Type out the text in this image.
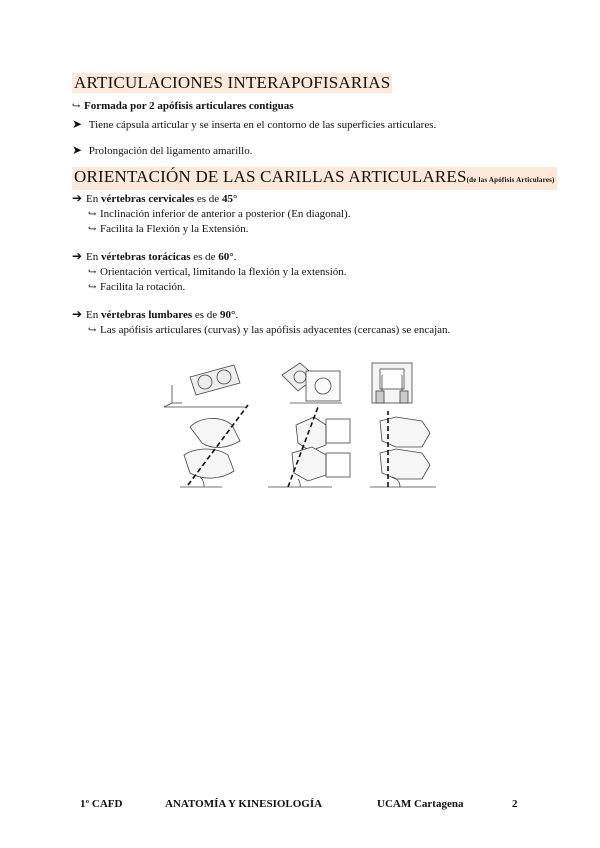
ARTICULACIONES INTERAPOFISARIAS
↪ Formada por 2 apófisis articulares contiguas
➤ Tiene cápsula articular y se inserta en el contorno de las superficies articulares.
➤ Prolongación del ligamento amarillo.
ORIENTACIÓN DE LAS CARILLAS ARTICULARES(de las Apófisis Articulares)
➔ En vértebras cervicales es de 45°
↪ Inclinación inferior de anterior a posterior (En diagonal).
↪ Facilita la Flexión y la Extensión.
➔ En vértebras torácicas es de 60°.
↪ Orientación vertical, limitando la flexión y la extensión.
↪ Facilita la rotación.
➔ En vértebras lumbares es de 90°.
↪ Las apófisis articulares (curvas) y las apófisis adyacentes (cercanas) se encajan.
1º CAFD	ANATOMÍA Y KINESIOLOGÍA	UCAM Cartagena	2
